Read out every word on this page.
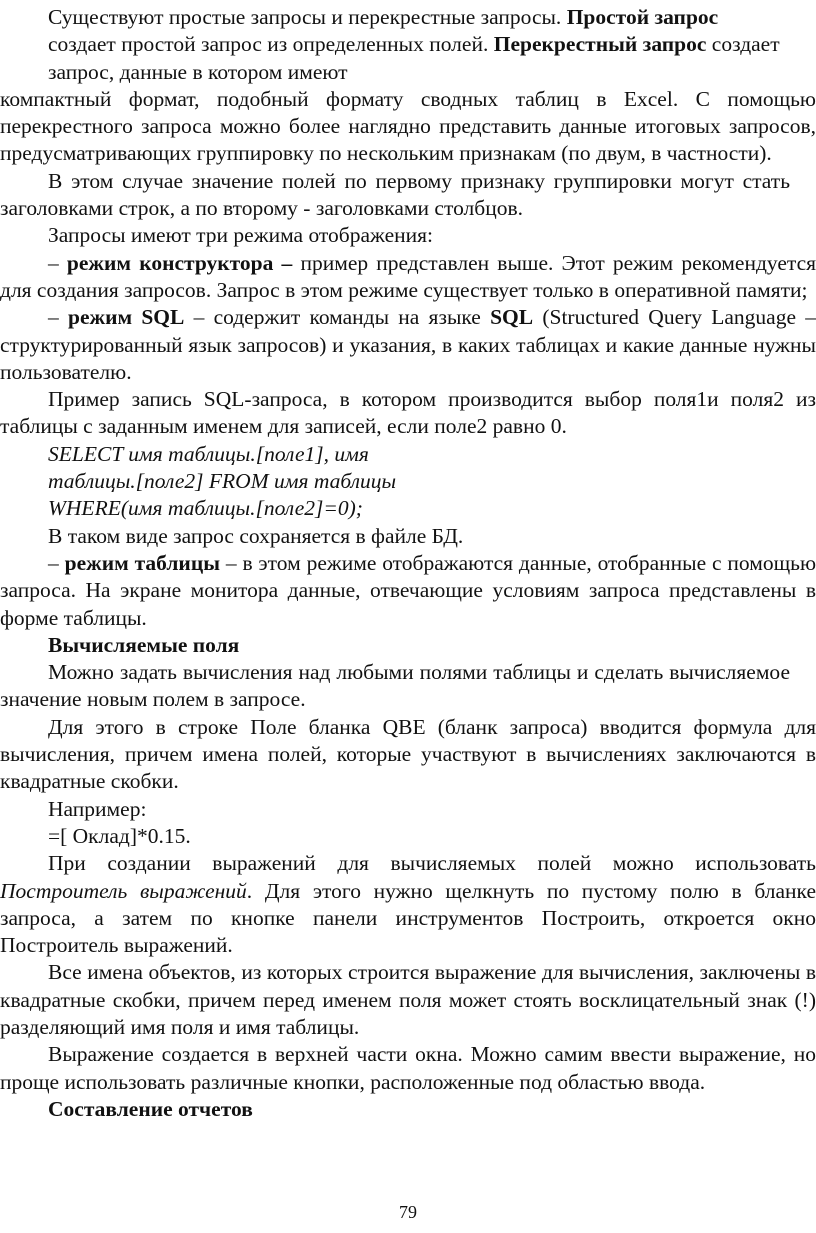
Существуют простые запросы и перекрестные запросы. Простой запрос создает простой запрос из определенных полей. Перекрестный запрос создает запрос, данные в котором имеют

компактный формат, подобный формату сводных таблиц в Excel. С помощью перекрестного запроса можно более наглядно представить данные итоговых запросов, предусматривающих группировку по нескольким признакам (по двум, в частности).

В этом случае значение полей по первому признаку группировки могут стать заголовками строк, а по второму - заголовками столбцов.

Запросы имеют три режима отображения:

– режим конструктора – пример представлен выше. Этот режим рекомендуется для создания запросов. Запрос в этом режиме существует только в оперативной памяти;

– режим SQL – содержит команды на языке SQL (Structured Query Language – структурированный язык запросов) и указания, в каких таблицах и какие данные нужны пользователю.

Пример запись SQL-запроса, в котором производится выбор поля1и поля2 из таблицы с заданным именем для записей, если поле2 равно 0.

SELECT имя таблицы.[поле1], имя

таблицы.[поле2] FROM имя таблицы

WHERE(имя таблицы.[поле2]=0);

В таком виде запрос сохраняется в файле БД.

– режим таблицы – в этом режиме отображаются данные, отобранные с помощью запроса. На экране монитора данные, отвечающие условиям запроса представлены в форме таблицы.

Вычисляемые поля

Можно задать вычисления над любыми полями таблицы и сделать вычисляемое значение новым полем в запросе.

Для этого в строке Поле бланка QBE (бланк запроса) вводится формула для вычисления, причем имена полей, которые участвуют в вычислениях заключаются в квадратные скобки.

Например:

=[ Оклад]*0.15.

При создании выражений для вычисляемых полей можно использовать Построитель выражений. Для этого нужно щелкнуть по пустому полю в бланке запроса, а затем по кнопке панели инструментов Построить, откроется окно Построитель выражений.

Все имена объектов, из которых строится выражение для вычисления, заключены в квадратные скобки, причем перед именем поля может стоять восклицательный знак (!) разделяющий имя поля и имя таблицы.

Выражение создается в верхней части окна. Можно самим ввести выражение, но проще использовать различные кнопки, расположенные под областью ввода.

Составление отчетов

79
